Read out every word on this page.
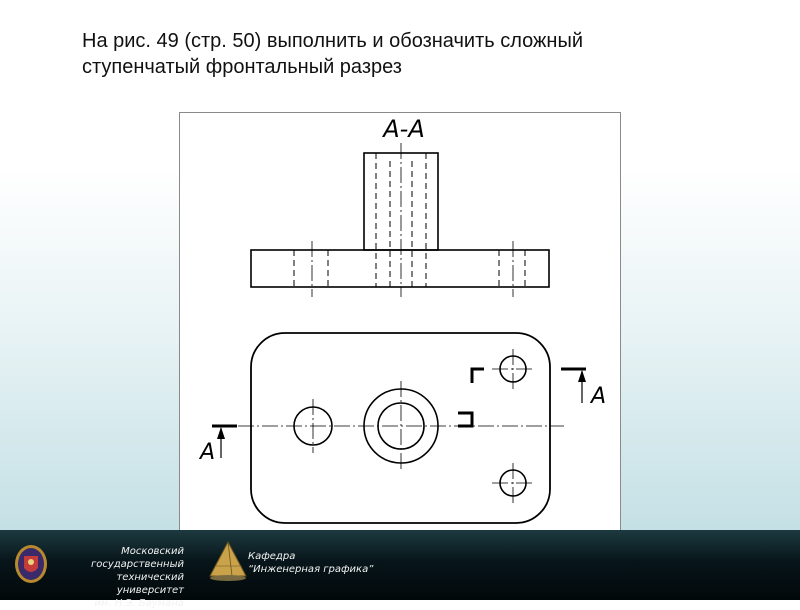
На рис. 49 (стр. 50) выполнить и обозначить сложный
ступенчатый фронтальный разрез
А-А
А
А
Московский государственный
технический университет
им. Н.Э. Баумана
Кафедра
“Инженерная графика”
